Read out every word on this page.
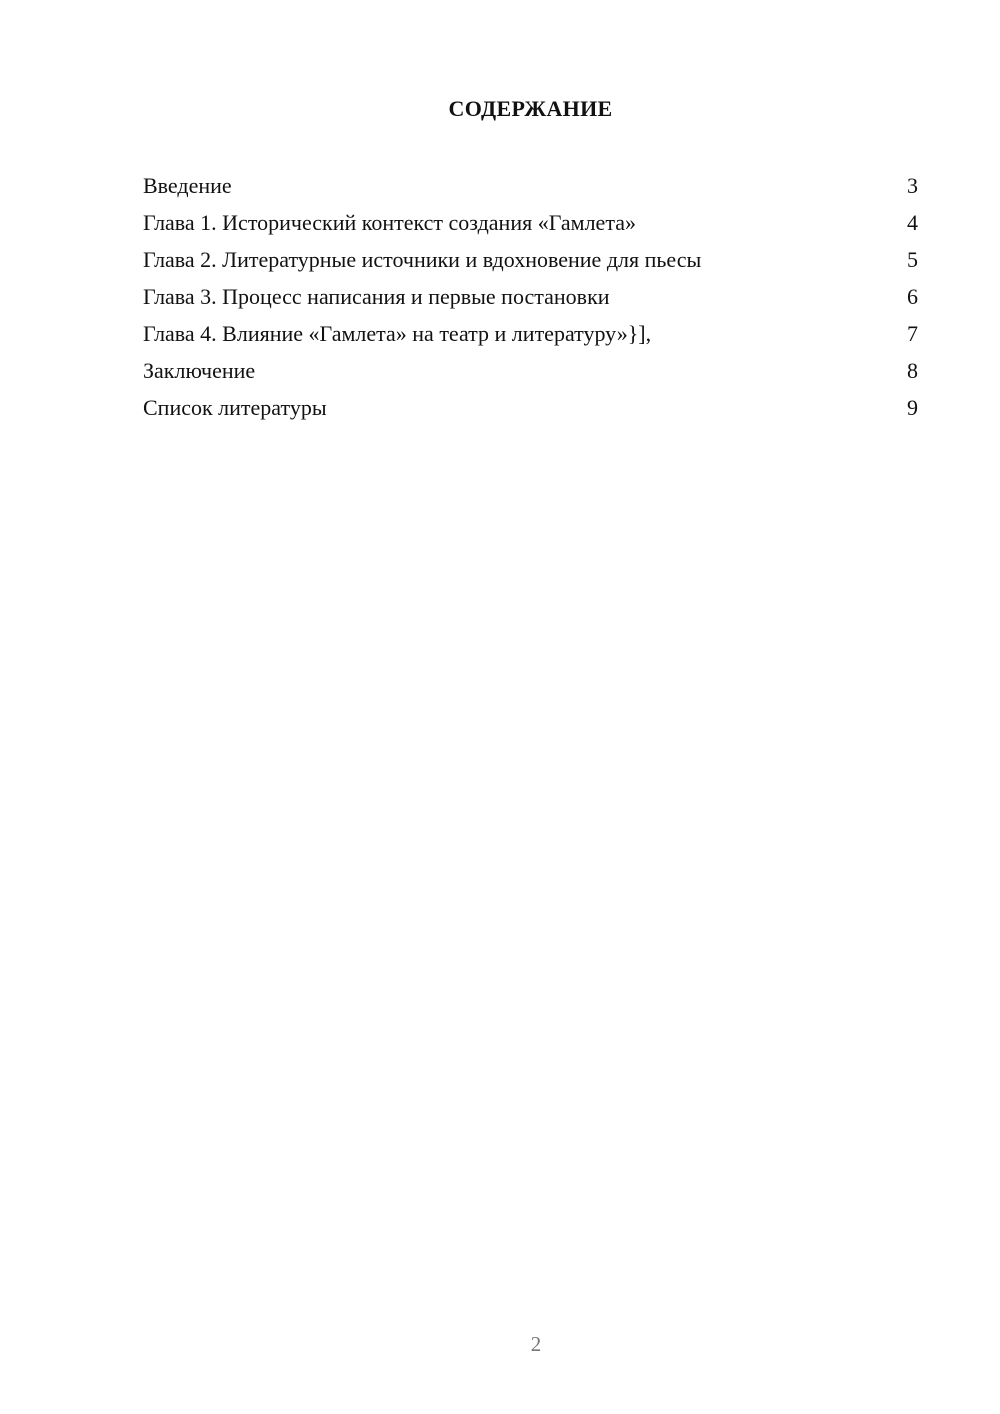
СОДЕРЖАНИЕ
Введение	3
Глава 1. Исторический контекст создания «Гамлета»	4
Глава 2. Литературные источники и вдохновение для пьесы	5
Глава 3. Процесс написания и первые постановки	6
Глава 4. Влияние «Гамлета» на театр и литературу»}],	7
Заключение	8
Список литературы	9
2
